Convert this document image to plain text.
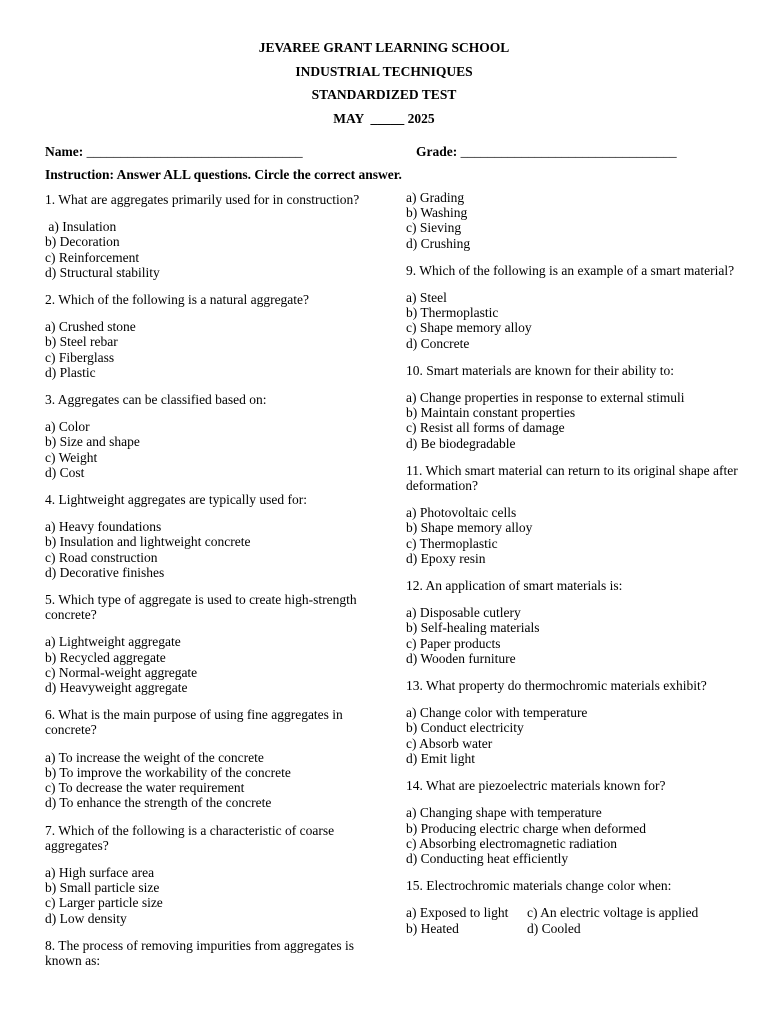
JEVAREE GRANT LEARNING SCHOOL
INDUSTRIAL TECHNIQUES
STANDARDIZED TEST
MAY  _____ 2025
Name: ________________________________	Grade: ________________________________
Instruction: Answer ALL questions. Circle the correct answer.
1. What are aggregates primarily used for in construction?
a) Insulation
b) Decoration
c) Reinforcement
d) Structural stability
2. Which of the following is a natural aggregate?
a) Crushed stone
b) Steel rebar
c) Fiberglass
d) Plastic
3. Aggregates can be classified based on:
a) Color
b) Size and shape
c) Weight
d) Cost
4. Lightweight aggregates are typically used for:
a) Heavy foundations
b) Insulation and lightweight concrete
c) Road construction
d) Decorative finishes
5. Which type of aggregate is used to create high-strength concrete?
a) Lightweight aggregate
b) Recycled aggregate
c) Normal-weight aggregate
d) Heavyweight aggregate
6. What is the main purpose of using fine aggregates in concrete?
a) To increase the weight of the concrete
b) To improve the workability of the concrete
c) To decrease the water requirement
d) To enhance the strength of the concrete
7. Which of the following is a characteristic of coarse aggregates?
a) High surface area
b) Small particle size
c) Larger particle size
d) Low density
8. The process of removing impurities from aggregates is known as:
a) Grading
b) Washing
c) Sieving
d) Crushing
9. Which of the following is an example of a smart material?
a) Steel
b) Thermoplastic
c) Shape memory alloy
d) Concrete
10. Smart materials are known for their ability to:
a) Change properties in response to external stimuli
b) Maintain constant properties
c) Resist all forms of damage
d) Be biodegradable
11. Which smart material can return to its original shape after deformation?
a) Photovoltaic cells
b) Shape memory alloy
c) Thermoplastic
d) Epoxy resin
12. An application of smart materials is:
a) Disposable cutlery
b) Self-healing materials
c) Paper products
d) Wooden furniture
13. What property do thermochromic materials exhibit?
a) Change color with temperature
b) Conduct electricity
c) Absorb water
d) Emit light
14. What are piezoelectric materials known for?
a) Changing shape with temperature
b) Producing electric charge when deformed
c) Absorbing electromagnetic radiation
d) Conducting heat efficiently
15. Electrochromic materials change color when:
a) Exposed to light	c) An electric voltage is applied
b) Heated	d) Cooled
